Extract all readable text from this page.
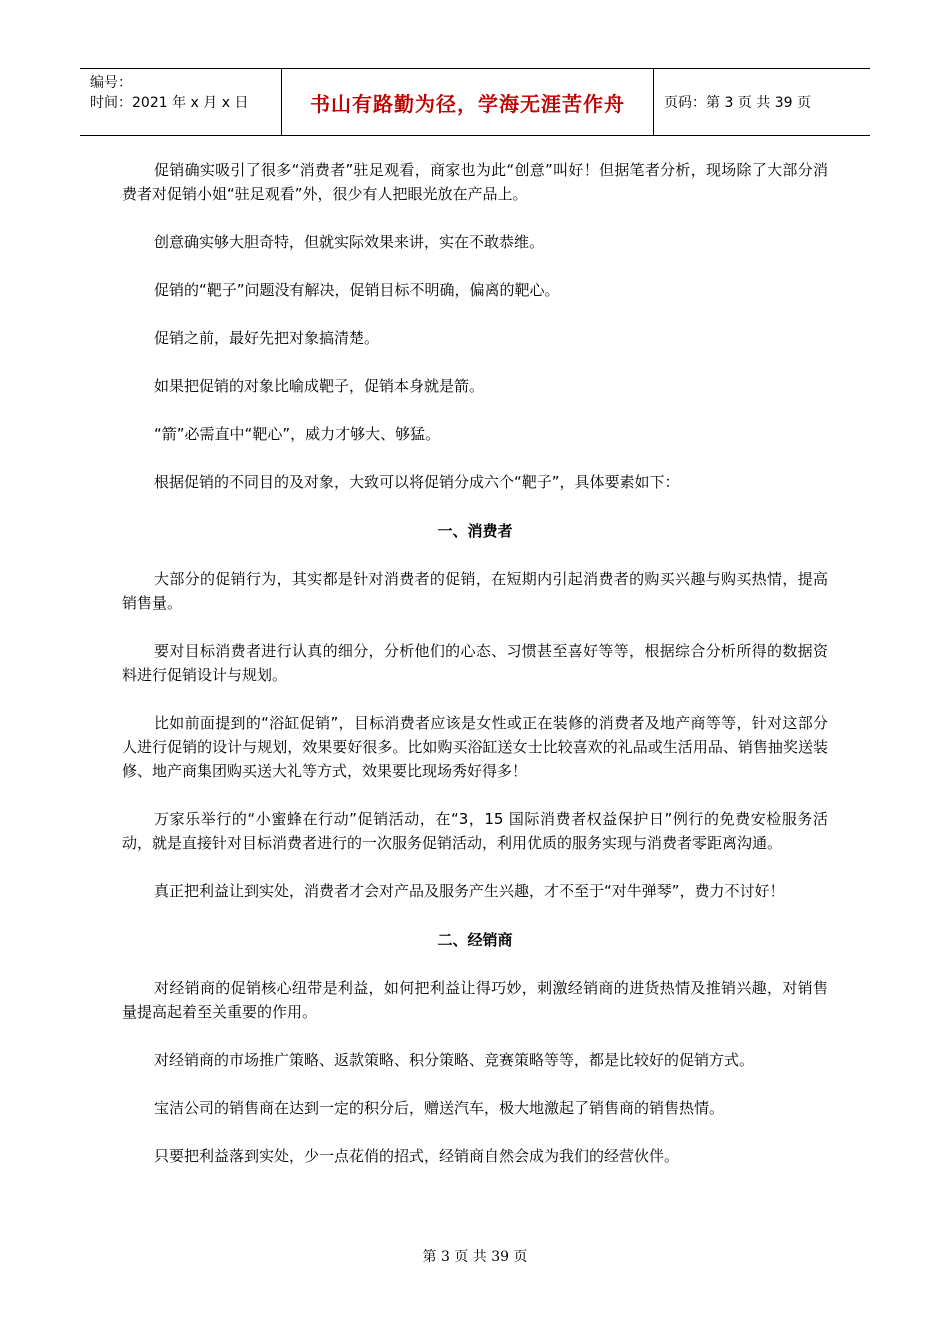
编号：
时间：2021 年 x 月 x 日	书山有路勤为径，学海无涯苦作舟	页码：第 3 页 共 39 页

促销确实吸引了很多“消费者”驻足观看，商家也为此“创意”叫好！但据笔者分析，现场除了大部分消费者对促销小姐“驻足观看”外，很少有人把眼光放在产品上。

创意确实够大胆奇特，但就实际效果来讲，实在不敢恭维。

促销的“靶子”问题没有解决，促销目标不明确，偏离的靶心。

促销之前，最好先把对象搞清楚。

如果把促销的对象比喻成靶子，促销本身就是箭。

“箭”必需直中“靶心”，威力才够大、够猛。

根据促销的不同目的及对象，大致可以将促销分成六个“靶子”，具体要素如下：

一、消费者

大部分的促销行为，其实都是针对消费者的促销，在短期内引起消费者的购买兴趣与购买热情，提高销售量。

要对目标消费者进行认真的细分，分析他们的心态、习惯甚至喜好等等，根据综合分析所得的数据资料进行促销设计与规划。

比如前面提到的“浴缸促销”，目标消费者应该是女性或正在装修的消费者及地产商等等，针对这部分人进行促销的设计与规划，效果要好很多。比如购买浴缸送女士比较喜欢的礼品或生活用品、销售抽奖送装修、地产商集团购买送大礼等方式，效果要比现场秀好得多！

万家乐举行的“小蜜蜂在行动”促销活动，在“3，15 国际消费者权益保护日”例行的免费安检服务活动，就是直接针对目标消费者进行的一次服务促销活动，利用优质的服务实现与消费者零距离沟通。

真正把利益让到实处，消费者才会对产品及服务产生兴趣，才不至于“对牛弹琴”，费力不讨好！

二、经销商

对经销商的促销核心纽带是利益，如何把利益让得巧妙，刺激经销商的进货热情及推销兴趣，对销售量提高起着至关重要的作用。

对经销商的市场推广策略、返款策略、积分策略、竞赛策略等等，都是比较好的促销方式。

宝洁公司的销售商在达到一定的积分后，赠送汽车，极大地激起了销售商的销售热情。

只要把利益落到实处，少一点花俏的招式，经销商自然会成为我们的经营伙伴。

第 3 页 共 39 页
